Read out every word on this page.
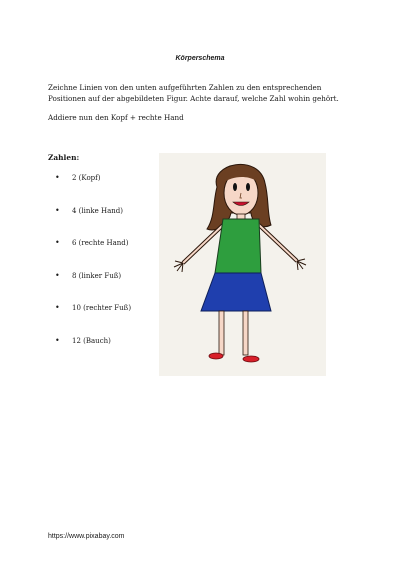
Körperschema
Zeichne Linien von den unten aufgeführten Zahlen zu den entsprechenden Positionen auf der abgebildeten Figur. Achte darauf, welche Zahl wohin gehört.
Addiere nun den Kopf + rechte Hand
Zahlen:
•	2 (Kopf)
•	4 (linke Hand)
•	6 (rechte Hand)
•	8 (linker Fuß)
•	10 (rechter Fuß)
•	12 (Bauch)
https://www.pixabay.com
